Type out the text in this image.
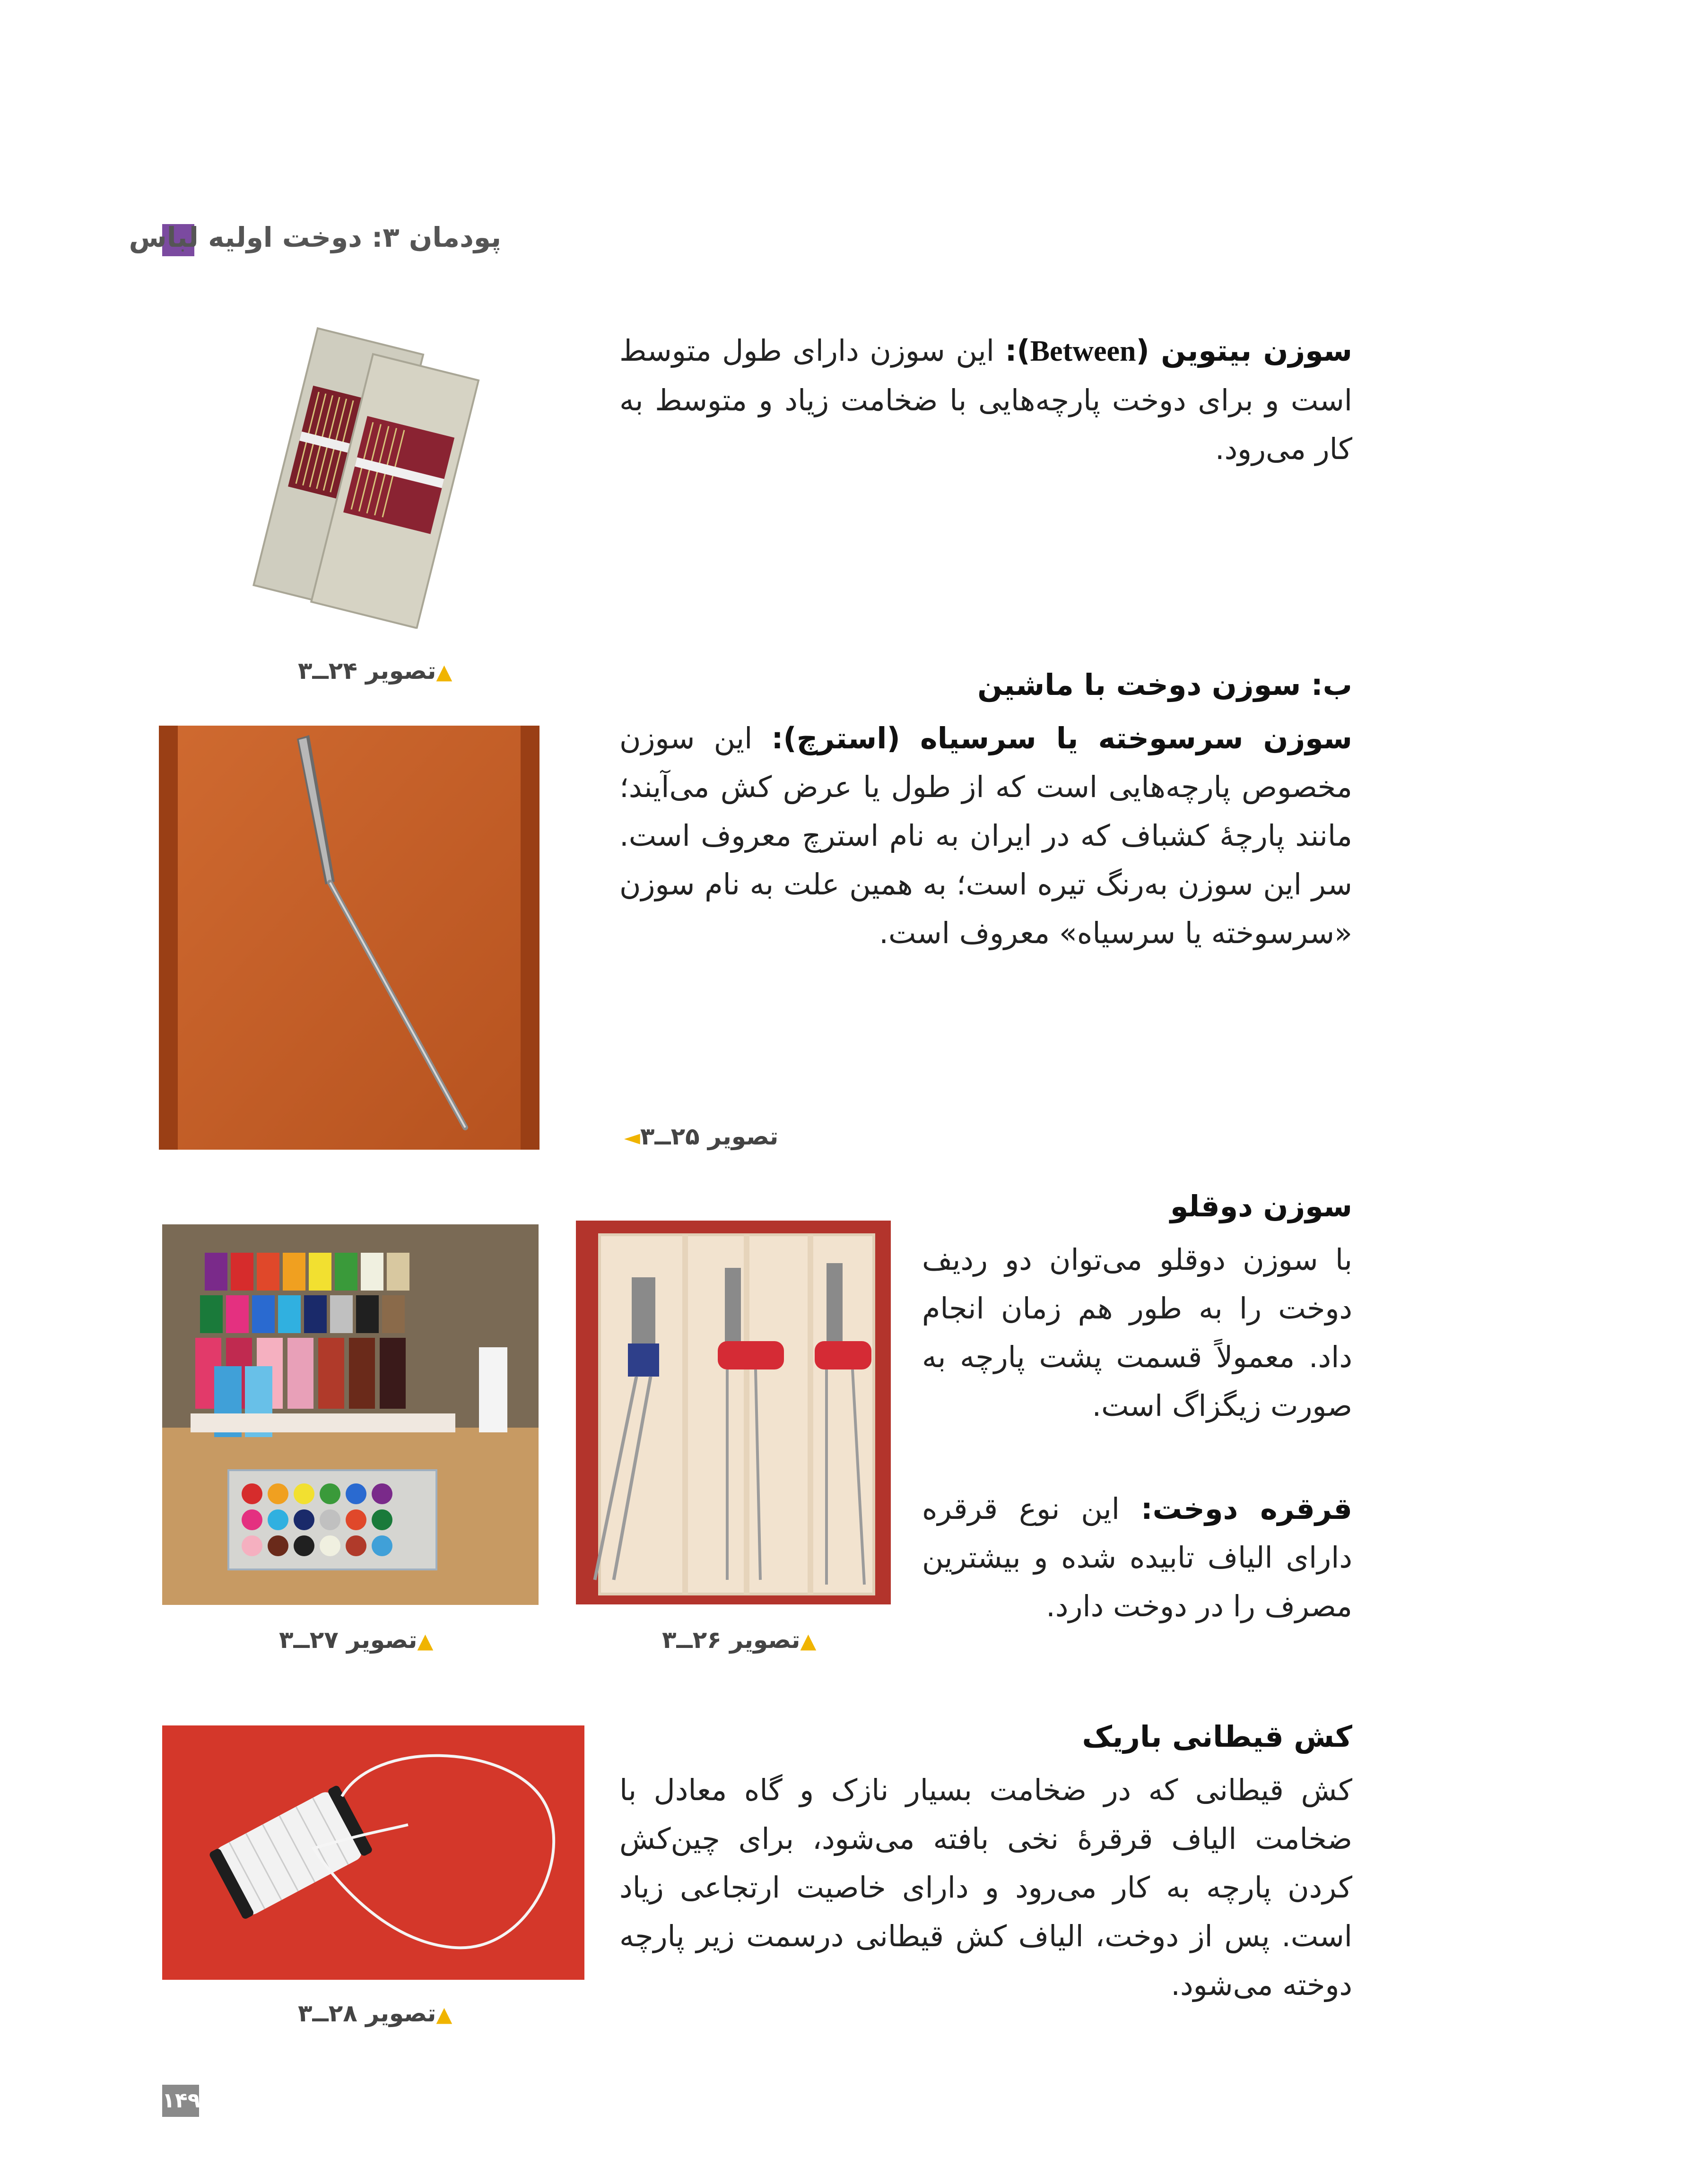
پودمان ۳: دوخت اولیه لباس
سوزن بیتوین (Between): این سوزن دارای طول متوسط است و برای دوخت پارچه‌هایی با ضخامت زیاد و متوسط به کار می‌رود.
▲تصویر ۲۴ــ۳	ب: سوزن دوخت با ماشین
سوزن سرسوخته یا سرسیاه (استرچ): این سوزن مخصوص پارچه‌هایی است که از طول یا عرض کش می‌آیند؛ مانند پارچۀ کشباف که در ایران به نام استرچ معروف است. سر این سوزن به‌رنگ تیره است؛ به همین علت به نام سوزن «سرسوخته یا سرسیاه» معروف است.
تصویر ۲۵ــ۳◄
سوزن دوقلو
با سوزن دوقلو می‌توان دو ردیف دوخت را به طور هم زمان انجام داد. معمولاً قسمت پشت پارچه به صورت زیگزاگ است.
قرقره دوخت: این نوع قرقره دارای الیاف تابیده شده و بیشترین مصرف را در دوخت دارد.
▲تصویر ۲۶ــ۳
▲تصویر ۲۷ــ۳
کش قیطانی باریک
کش قیطانی که در ضخامت بسیار نازک و گاه معادل با ضخامت الیاف قرقرۀ نخی بافته می‌شود، برای چین‌کش کردن پارچه به کار می‌رود و دارای خاصیت ارتجاعی زیاد است. پس از دوخت، الیاف کش قیطانی درسمت زیر پارچه دوخته می‌شود.
▲تصویر ۲۸ــ۳
۱۴۹
